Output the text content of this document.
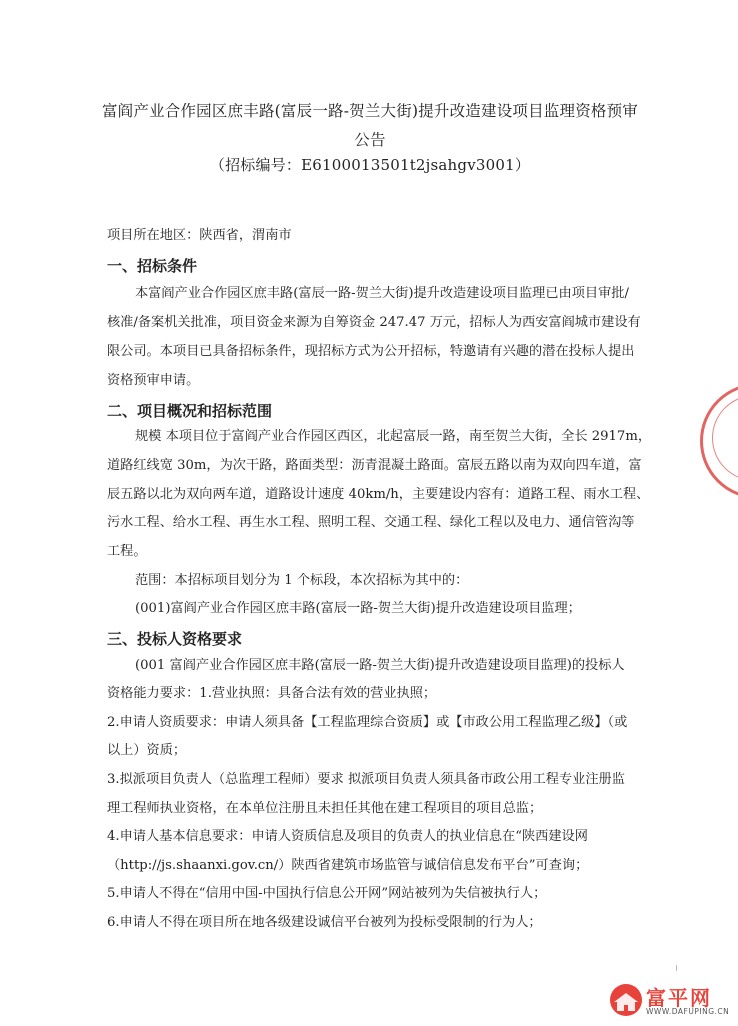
富阎产业合作园区庶丰路(富辰一路-贺兰大街)提升改造建设项目监理资格预审
公告
（招标编号：E6100013501t2jsahgv3001）
项目所在地区：陕西省，渭南市
一、招标条件
本富阎产业合作园区庶丰路(富辰一路-贺兰大街)提升改造建设项目监理已由项目审批/
核准/备案机关批准，项目资金来源为自筹资金 247.47 万元，招标人为西安富阎城市建设有
限公司。本项目已具备招标条件，现招标方式为公开招标，特邀请有兴趣的潜在投标人提出
资格预审申请。
二、项目概况和招标范围
规模 本项目位于富阎产业合作园区西区，北起富辰一路，南至贺兰大街，全长 2917m，
道路红线宽 30m，为次干路，路面类型：沥青混凝土路面。富辰五路以南为双向四车道，富
辰五路以北为双向两车道，道路设计速度 40km/h，主要建设内容有：道路工程、雨水工程、
污水工程、给水工程、再生水工程、照明工程、交通工程、绿化工程以及电力、通信管沟等
工程。
范围：本招标项目划分为 1 个标段，本次招标为其中的：
(001)富阎产业合作园区庶丰路(富辰一路-贺兰大街)提升改造建设项目监理；
三、投标人资格要求
(001 富阎产业合作园区庶丰路(富辰一路-贺兰大街)提升改造建设项目监理)的投标人
资格能力要求：1.营业执照：具备合法有效的营业执照；
2.申请人资质要求：申请人须具备【工程监理综合资质】或【市政公用工程监理乙级】（或
以上）资质；
3.拟派项目负责人（总监理工程师）要求 拟派项目负责人须具备市政公用工程专业注册监
理工程师执业资格，在本单位注册且未担任其他在建工程项目的项目总监；
4.申请人基本信息要求：申请人资质信息及项目的负责人的执业信息在“陕西建设网
（http://js.shaanxi.gov.cn/）陕西省建筑市场监管与诚信信息发布平台”可查询；
5.申请人不得在“信用中国-中国执行信息公开网”网站被列为失信被执行人；
6.申请人不得在项目所在地各级建设诚信平台被列为投标受限制的行为人；
富平网
WWW.DAFUPING.CN
